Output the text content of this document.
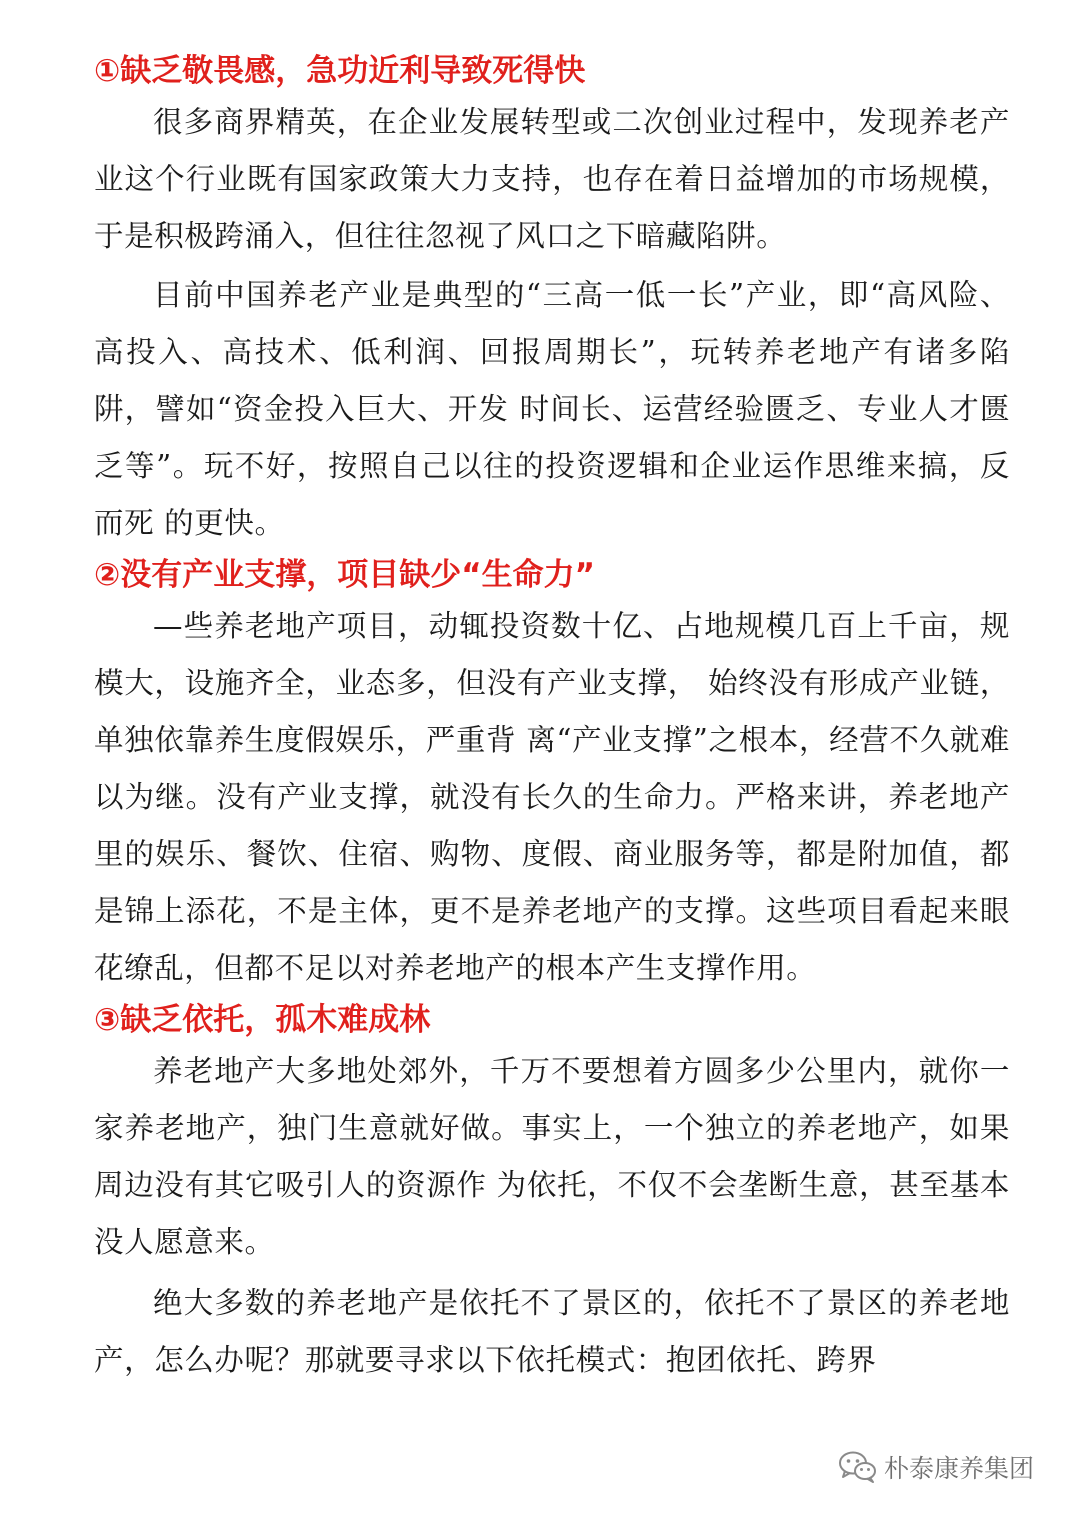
①缺乏敬畏感，急功近利导致死得快

很多商界精英，在企业发展转型或二次创业过程中，发现养老产业这个行业既有国家政策大力支持，也存在着日益增加的市场规模，于是积极跨涌入，但往往忽视了风口之下暗藏陷阱。

目前中国养老产业是典型的“三高一低一长”产业，即“高风险、高投入、高技术、低利润、回报周期长”，玩转养老地产有诸多陷阱，譬如“资金投入巨大、开发 时间长、运营经验匮乏、专业人才匮乏等”。玩不好，按照自己以往的投资逻辑和企业运作思维来搞，反而死 的更快。

②没有产业支撑，项目缺少“生命力”

—些养老地产项目，动辄投资数十亿、占地规模几百上千亩，规模大，设施齐全，业态多，但没有产业支撑， 始终没有形成产业链，单独依靠养生度假娱乐，严重背 离“产业支撑”之根本，经营不久就难以为继。没有产业支撑，就没有长久的生命力。严格来讲，养老地产里的娱乐、餐饮、住宿、购物、度假、商业服务等，都是附加值，都是锦上添花，不是主体，更不是养老地产的支撑。这些项目看起来眼花缭乱，但都不足以对养老地产的根本产生支撑作用。

③缺乏依托，孤木难成林

养老地产大多地处郊外，千万不要想着方圆多少公里内，就你一家养老地产，独门生意就好做。事实上，一个独立的养老地产，如果周边没有其它吸引人的资源作 为依托，不仅不会垄断生意，甚至基本没人愿意来。

绝大多数的养老地产是依托不了景区的，依托不了景区的养老地产，怎么办呢？那就要寻求以下依托模式：抱团依托、跨界

朴泰康养集团
